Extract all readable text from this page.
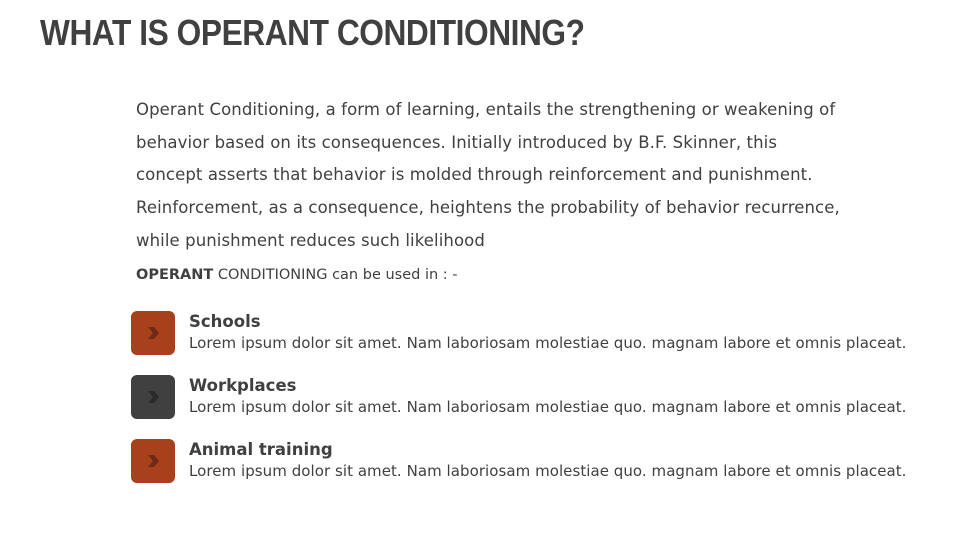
WHAT IS OPERANT CONDITIONING?
Operant Conditioning, a form of learning, entails the strengthening or weakening of
behavior based on its consequences. Initially introduced by B.F. Skinner, this
concept asserts that behavior is molded through reinforcement and punishment.
Reinforcement, as a consequence, heightens the probability of behavior recurrence,
while punishment reduces such likelihood
OPERANT CONDITIONING can be used in : -
Schools
Lorem ipsum dolor sit amet. Nam laboriosam molestiae quo. magnam labore et omnis placeat.
Workplaces
Lorem ipsum dolor sit amet. Nam laboriosam molestiae quo. magnam labore et omnis placeat.
Animal training
Lorem ipsum dolor sit amet. Nam laboriosam molestiae quo. magnam labore et omnis placeat.
